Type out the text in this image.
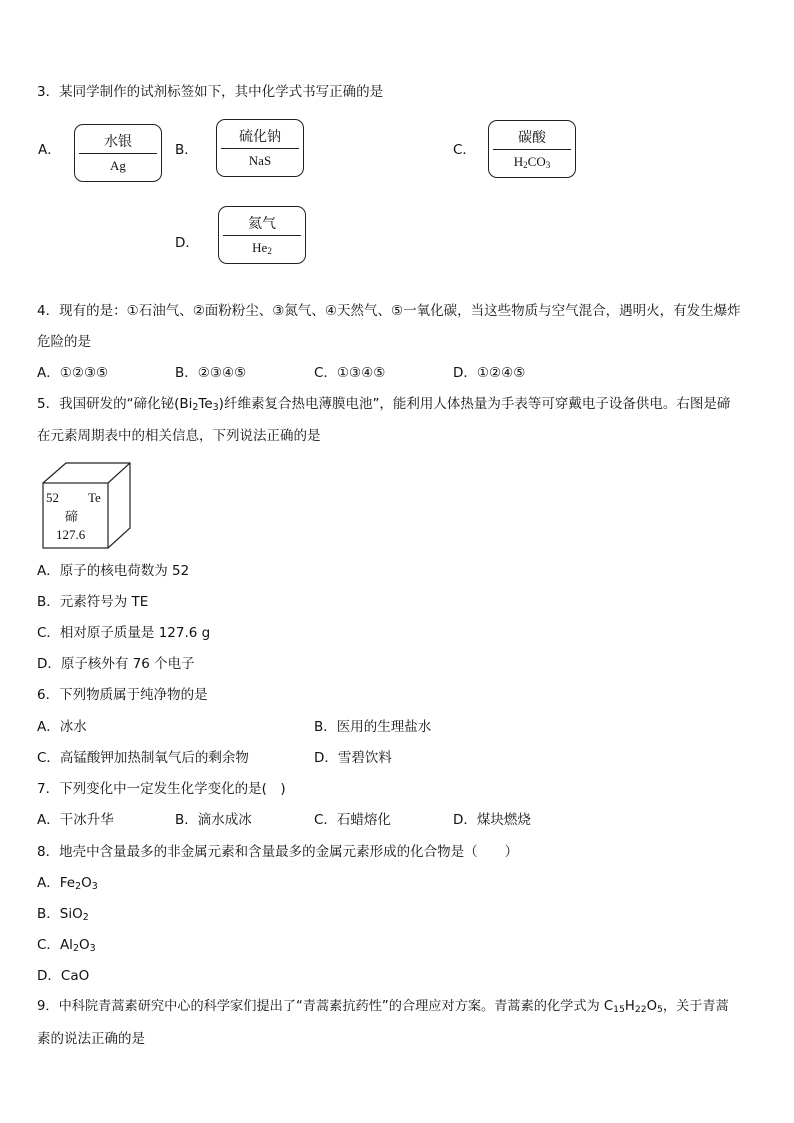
3．某同学制作的试剂标签如下，其中化学式书写正确的是
A．	水银
Ag
B．
硫化钠
NaS
C．
碳酸
$H_2CO_3$
D．
氦气
$He_2$
4．现有的是：①石油气、②面粉粉尘、③氮气、④天然气、⑤一氧化碳，当这些物质与空气混合，遇明火，有发生爆炸
危险的是
A．①②③⑤	B．②③④⑤	C．①③④⑤	D．①②④⑤
5．我国研发的“碲化铋$(Bi_2Te_3)$纤维素复合热电薄膜电池”，能利用人体热量为手表等可穿戴电子设备供电。右图是碲
在元素周期表中的相关信息，下列说法正确的是
52 Te
碲
127.6
A．原子的核电荷数为 52
B．元素符号为 TE
C．相对原子质量是 127.6 g
D．原子核外有 76 个电子
6．下列物质属于纯净物的是
A．冰水	B．医用的生理盐水
C．高锰酸钾加热制氧气后的剩余物	D．雪碧饮料
7．下列变化中一定发生化学变化的是(　)
A．干冰升华	B．滴水成冰	C．石蜡熔化	D．煤块燃烧
8．地壳中含量最多的非金属元素和含量最多的金属元素形成的化合物是（　　）
A．$Fe_2O_3$
B．SiO$_2$
C．$Al_2O_3$
D．CaO
9．中科院青蒿素研究中心的科学家们提出了“青蒿素抗药性”的合理应对方案。青蒿素的化学式为 $C_{15}H_{22}O_5$，关于青蒿
素的说法正确的是
